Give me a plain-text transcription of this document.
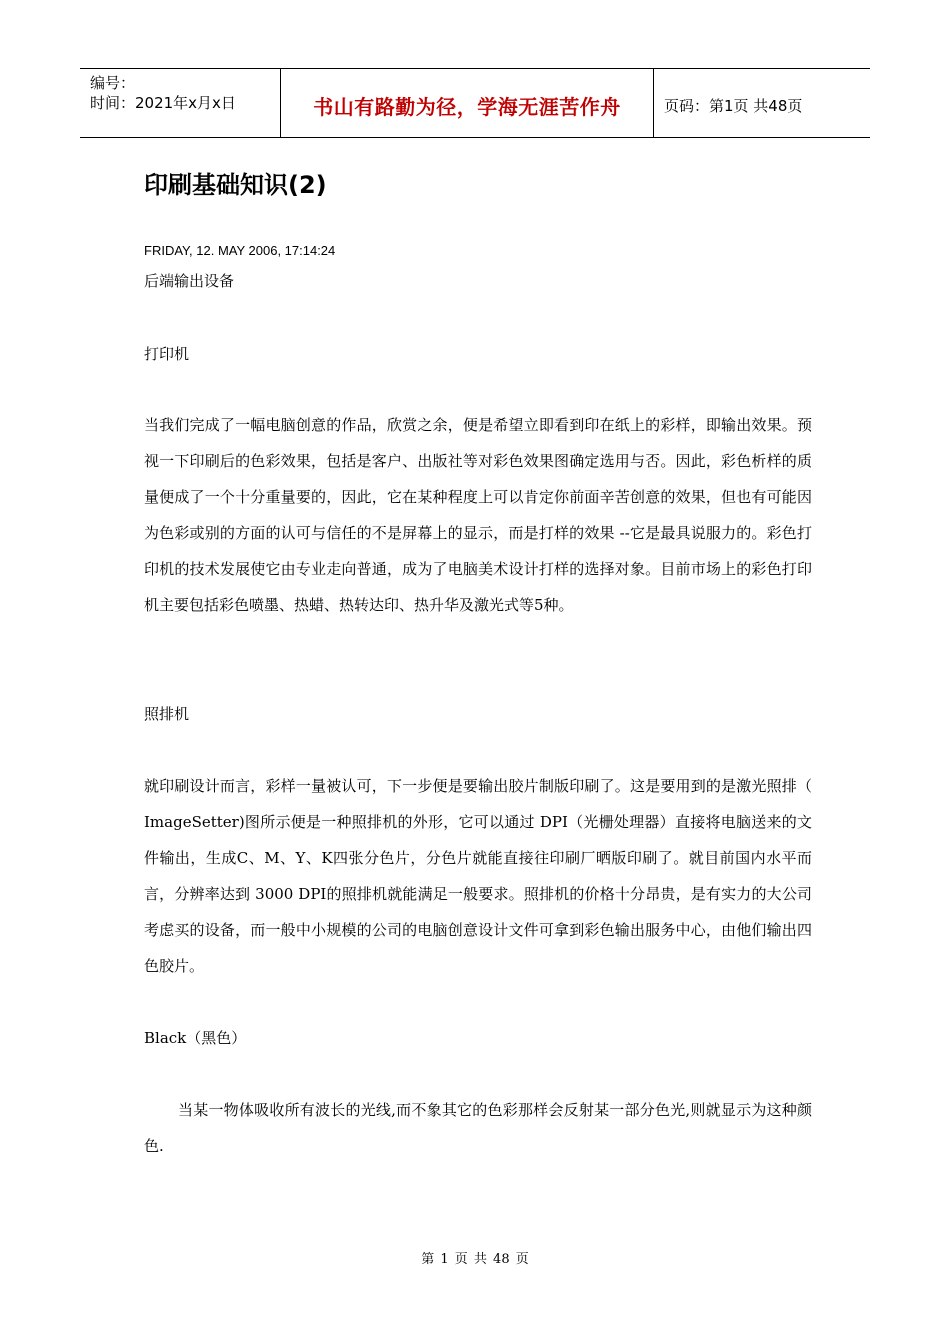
编号：
时间：2021年x月x日	书山有路勤为径，学海无涯苦作舟	页码：第1页 共48页
印刷基础知识(2)
FRIDAY, 12. MAY 2006, 17:14:24
后端输出设备
打印机

当我们完成了一幅电脑创意的作品，欣赏之余，便是希望立即看到印在纸上的彩样，即输出效果。预视一下印刷后的色彩效果，包括是客户、出版社等对彩色效果图确定选用与否。因此，彩色析样的质量便成了一个十分重量要的，因此，它在某种程度上可以肯定你前面辛苦创意的效果，但也有可能因为色彩或别的方面的认可与信任的不是屏幕上的显示，而是打样的效果 --它是最具说服力的。彩色打印机的技术发展使它由专业走向普通，成为了电脑美术设计打样的选择对象。目前市场上的彩色打印机主要包括彩色喷墨、热蜡、热转达印、热升华及激光式等5种。

照排机

就印刷设计而言，彩样一量被认可，下一步便是要输出胶片制版印刷了。这是要用到的是激光照排（ ImageSetter)图所示便是一种照排机的外形，它可以通过 DPI（光栅处理器）直接将电脑送来的文件输出，生成C、M、Y、K四张分色片，分色片就能直接往印刷厂晒版印刷了。就目前国内水平而言，分辨率达到 3000 DPI的照排机就能满足一般要求。照排机的价格十分昂贵，是有实力的大公司考虑买的设备，而一般中小规模的公司的电脑创意设计文件可拿到彩色输出服务中心，由他们输出四色胶片。

Black（黑色）

当某一物体吸收所有波长的光线,而不象其它的色彩那样会反射某一部分色光,则就显示为这种颜色.

第 1 页 共 48 页
